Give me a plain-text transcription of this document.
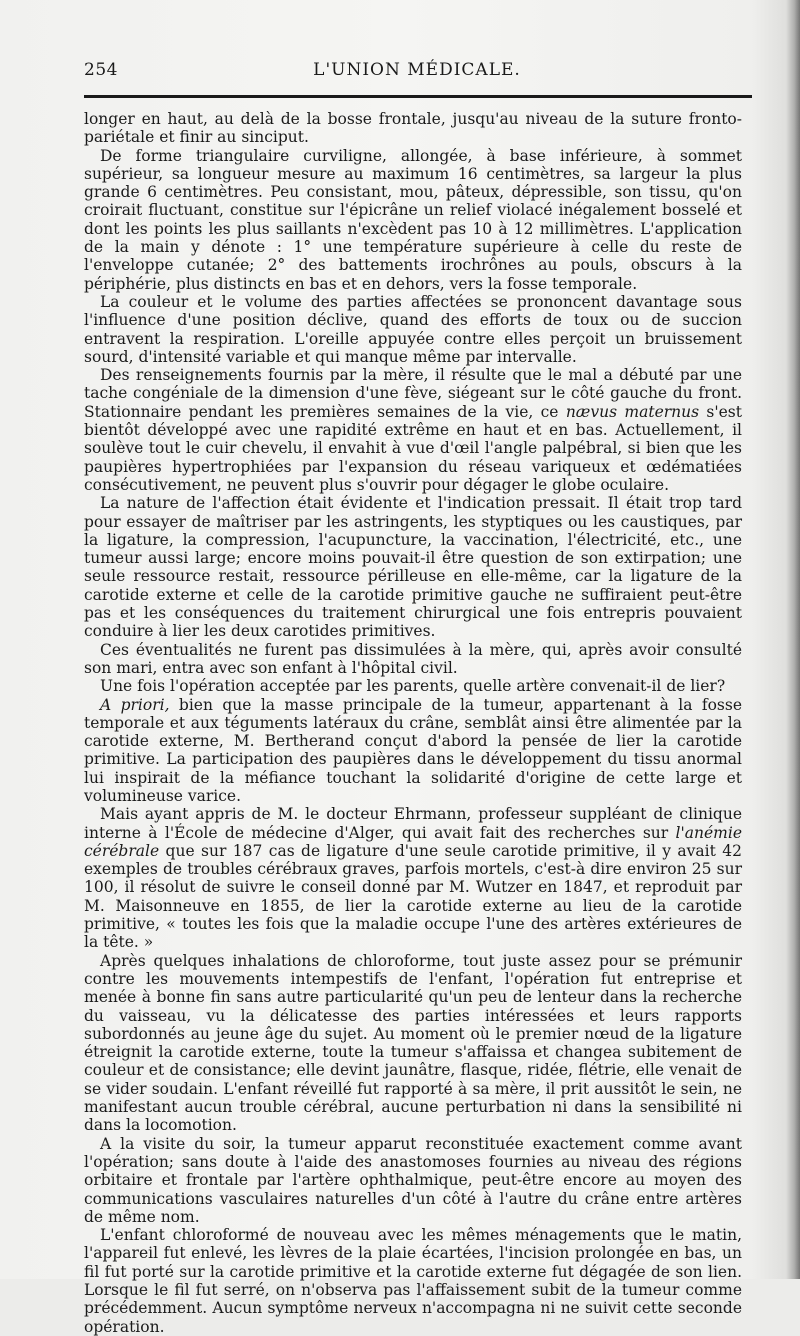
254	L'UNION MÉDICALE.

longer en haut, au delà de la bosse frontale, jusqu'au niveau de la suture fronto-pariétale et finir au sinciput.

De forme triangulaire curviligne, allongée, à base inférieure, à sommet supérieur, sa longueur mesure au maximum 16 centimètres, sa largeur la plus grande 6 centimètres. Peu consistant, mou, pâteux, dépressible, son tissu, qu'on croirait fluctuant, constitue sur l'épicrâne un relief violacé inégalement bosselé et dont les points les plus saillants n'excèdent pas 10 à 12 millimètres. L'application de la main y dénote : 1° une température supérieure à celle du reste de l'enveloppe cutanée; 2° des battements irochrônes au pouls, obscurs à la périphérie, plus distincts en bas et en dehors, vers la fosse temporale.

La couleur et le volume des parties affectées se prononcent davantage sous l'influence d'une position déclive, quand des efforts de toux ou de succion entravent la respiration. L'oreille appuyée contre elles perçoit un bruissement sourd, d'intensité variable et qui manque même par intervalle.

Des renseignements fournis par la mère, il résulte que le mal a débuté par une tache congéniale de la dimension d'une fève, siégeant sur le côté gauche du front. Stationnaire pendant les premières semaines de la vie, ce nævus maternus s'est bientôt développé avec une rapidité extrême en haut et en bas. Actuellement, il soulève tout le cuir chevelu, il envahit à vue d'œil l'angle palpébral, si bien que les paupières hypertrophiées par l'expansion du réseau variqueux et œdématiées consécutivement, ne peuvent plus s'ouvrir pour dégager le globe oculaire.

La nature de l'affection était évidente et l'indication pressait. Il était trop tard pour essayer de maîtriser par les astringents, les styptiques ou les caustiques, par la ligature, la compression, l'acupuncture, la vaccination, l'électricité, etc., une tumeur aussi large; encore moins pouvait-il être question de son extirpation; une seule ressource restait, ressource périlleuse en elle-même, car la ligature de la carotide externe et celle de la carotide primitive gauche ne suffiraient peut-être pas et les conséquences du traitement chirurgical une fois entrepris pouvaient conduire à lier les deux carotides primitives.

Ces éventualités ne furent pas dissimulées à la mère, qui, après avoir consulté son mari, entra avec son enfant à l'hôpital civil.

Une fois l'opération acceptée par les parents, quelle artère convenait-il de lier?

A priori, bien que la masse principale de la tumeur, appartenant à la fosse temporale et aux téguments latéraux du crâne, semblât ainsi être alimentée par la carotide externe, M. Bertherand conçut d'abord la pensée de lier la carotide primitive. La participation des paupières dans le développement du tissu anormal lui inspirait de la méfiance touchant la solidarité d'origine de cette large et volumineuse varice.

Mais ayant appris de M. le docteur Ehrmann, professeur suppléant de clinique interne à l'École de médecine d'Alger, qui avait fait des recherches sur l'anémie cérébrale que sur 187 cas de ligature d'une seule carotide primitive, il y avait 42 exemples de troubles cérébraux graves, parfois mortels, c'est-à dire environ 25 sur 100, il résolut de suivre le conseil donné par M. Wutzer en 1847, et reproduit par M. Maisonneuve en 1855, de lier la carotide externe au lieu de la carotide primitive, « toutes les fois que la maladie occupe l'une des artères extérieures de la tête. »

Après quelques inhalations de chloroforme, tout juste assez pour se prémunir contre les mouvements intempestifs de l'enfant, l'opération fut entreprise et menée à bonne fin sans autre particularité qu'un peu de lenteur dans la recherche du vaisseau, vu la délicatesse des parties intéressées et leurs rapports subordonnés au jeune âge du sujet. Au moment où le premier nœud de la ligature étreignit la carotide externe, toute la tumeur s'affaissa et changea subitement de couleur et de consistance; elle devint jaunâtre, flasque, ridée, flétrie, elle venait de se vider soudain. L'enfant réveillé fut rapporté à sa mère, il prit aussitôt le sein, ne manifestant aucun trouble cérébral, aucune perturbation ni dans la sensibilité ni dans la locomotion.

A la visite du soir, la tumeur apparut reconstituée exactement comme avant l'opération; sans doute à l'aide des anastomoses fournies au niveau des régions orbitaire et frontale par l'artère ophthalmique, peut-être encore au moyen des communications vasculaires naturelles d'un côté à l'autre du crâne entre artères de même nom.

L'enfant chloroformé de nouveau avec les mêmes ménagements que le matin, l'appareil fut enlevé, les lèvres de la plaie écartées, l'incision prolongée en bas, un fil fut porté sur la carotide primitive et la carotide externe fut dégagée de son lien. Lorsque le fil fut serré, on n'observa pas l'affaissement subit de la tumeur comme précédemment. Aucun symptôme nerveux n'accompagna ni ne suivit cette seconde opération.
